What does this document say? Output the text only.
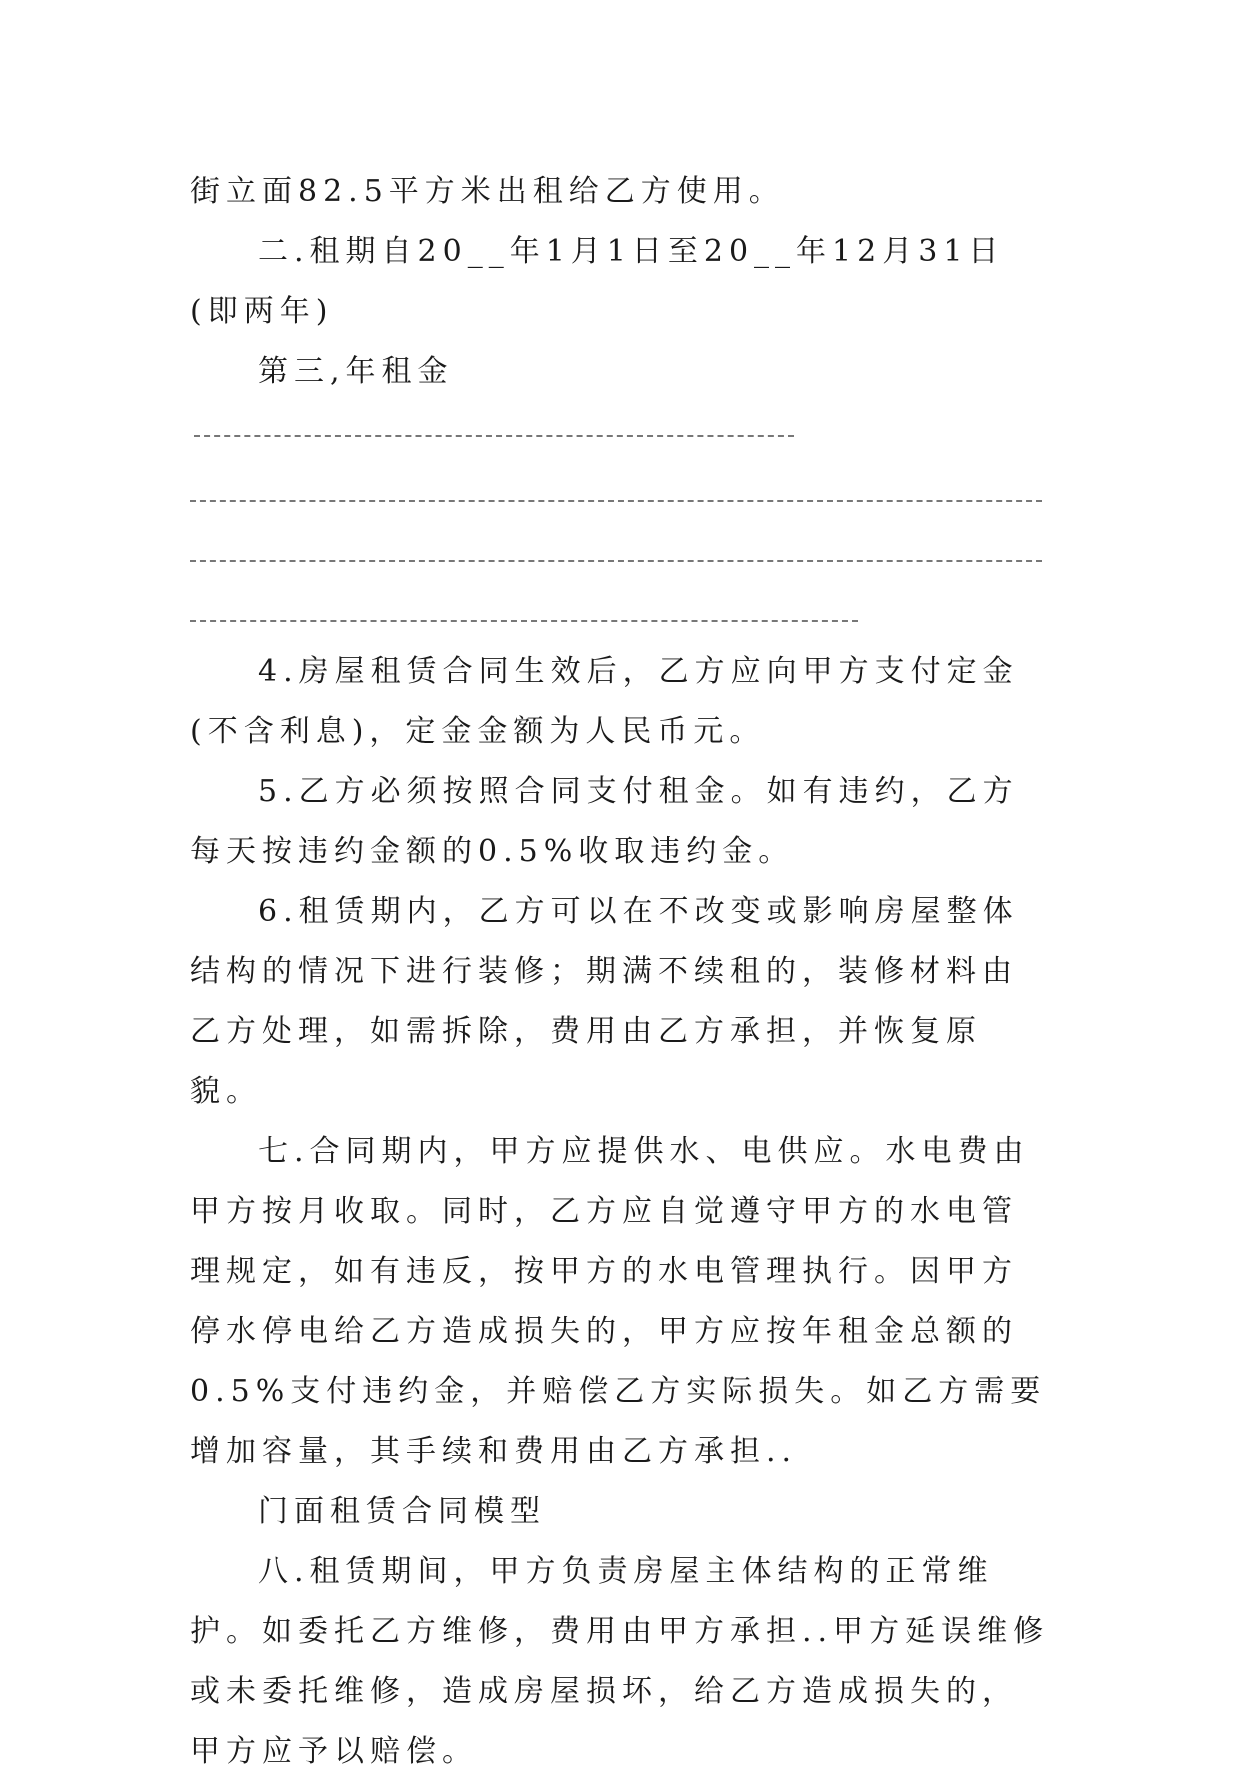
街立面82.5平方米出租给乙方使用。

二.租期自20__年1月1日至20__年12月31日(即两年)

第三,年租金

4.房屋租赁合同生效后，乙方应向甲方支付定金(不含利息)，定金金额为人民币元。

5.乙方必须按照合同支付租金。如有违约，乙方每天按违约金额的0.5%收取违约金。

6.租赁期内，乙方可以在不改变或影响房屋整体结构的情况下进行装修；期满不续租的，装修材料由乙方处理，如需拆除，费用由乙方承担，并恢复原貌。

七.合同期内，甲方应提供水、电供应。水电费由甲方按月收取。同时，乙方应自觉遵守甲方的水电管理规定，如有违反，按甲方的水电管理执行。因甲方停水停电给乙方造成损失的，甲方应按年租金总额的0.5%支付违约金，并赔偿乙方实际损失。如乙方需要增加容量，其手续和费用由乙方承担..

门面租赁合同模型

八.租赁期间，甲方负责房屋主体结构的正常维护。如委托乙方维修，费用由甲方承担..甲方延误维修或未委托维修，造成房屋损坏，给乙方造成损失的，甲方应予以赔偿。
